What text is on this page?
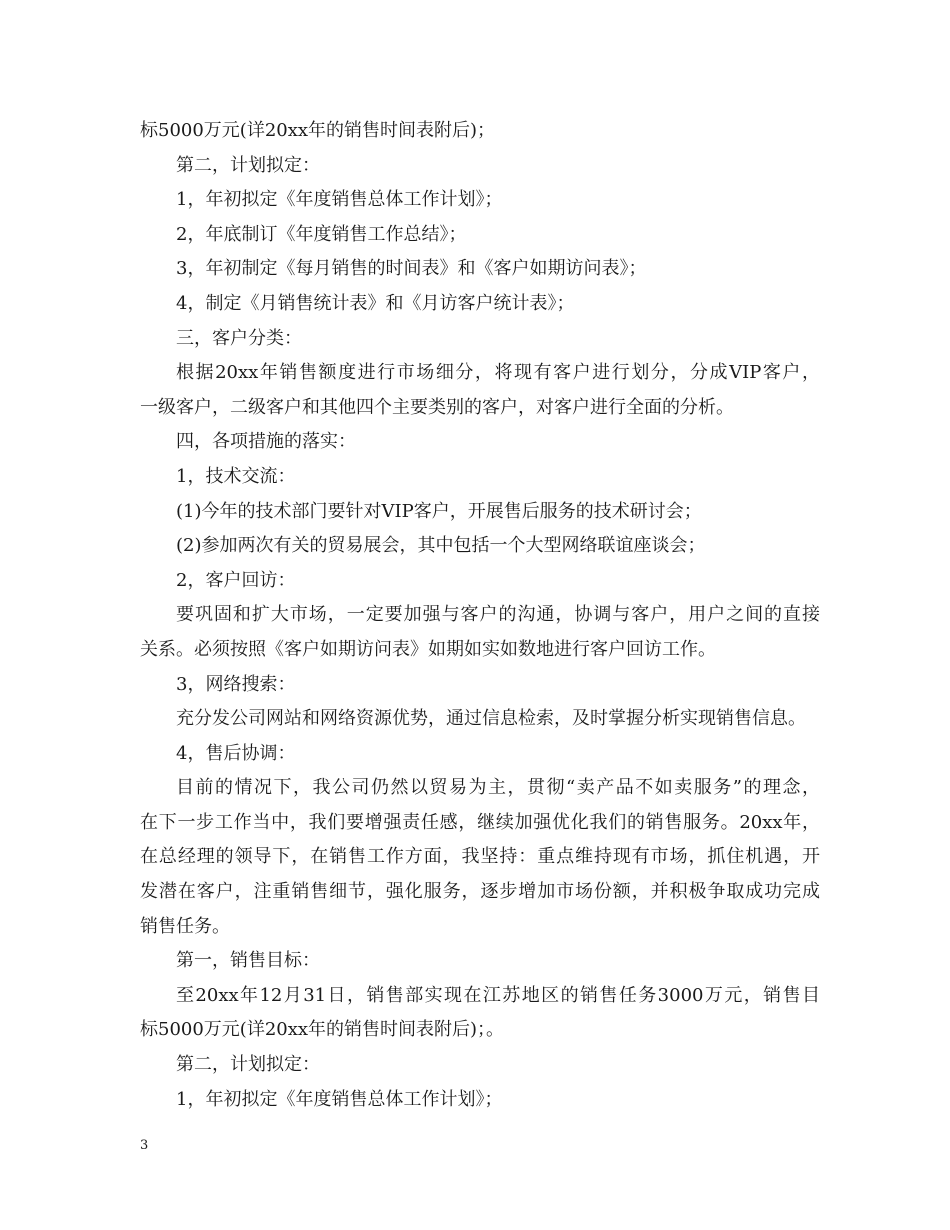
标5000万元(详20xx年的销售时间表附后)；
第二，计划拟定：
1，年初拟定《年度销售总体工作计划》；
2，年底制订《年度销售工作总结》；
3，年初制定《每月销售的时间表》和《客户如期访问表》；
4，制定《月销售统计表》和《月访客户统计表》；
三，客户分类：
根据20xx年销售额度进行市场细分，将现有客户进行划分，分成VIP客户，
一级客户，二级客户和其他四个主要类别的客户，对客户进行全面的分析。
四，各项措施的落实：
1，技术交流：
(1)今年的技术部门要针对VIP客户，开展售后服务的技术研讨会；
(2)参加两次有关的贸易展会，其中包括一个大型网络联谊座谈会；
2，客户回访：
要巩固和扩大市场，一定要加强与客户的沟通，协调与客户，用户之间的直接
关系。必须按照《客户如期访问表》如期如实如数地进行客户回访工作。
3，网络搜索：
充分发公司网站和网络资源优势，通过信息检索，及时掌握分析实现销售信息。
4，售后协调：
目前的情况下，我公司仍然以贸易为主，贯彻“卖产品不如卖服务”的理念，
在下一步工作当中，我们要增强责任感，继续加强优化我们的销售服务。20xx年，
在总经理的领导下，在销售工作方面，我坚持：重点维持现有市场，抓住机遇，开
发潜在客户，注重销售细节，强化服务，逐步增加市场份额，并积极争取成功完成
销售任务。
第一，销售目标：
至20xx年12月31日，销售部实现在江苏地区的销售任务3000万元，销售目
标5000万元(详20xx年的销售时间表附后)；。
第二，计划拟定：
1，年初拟定《年度销售总体工作计划》；
3
